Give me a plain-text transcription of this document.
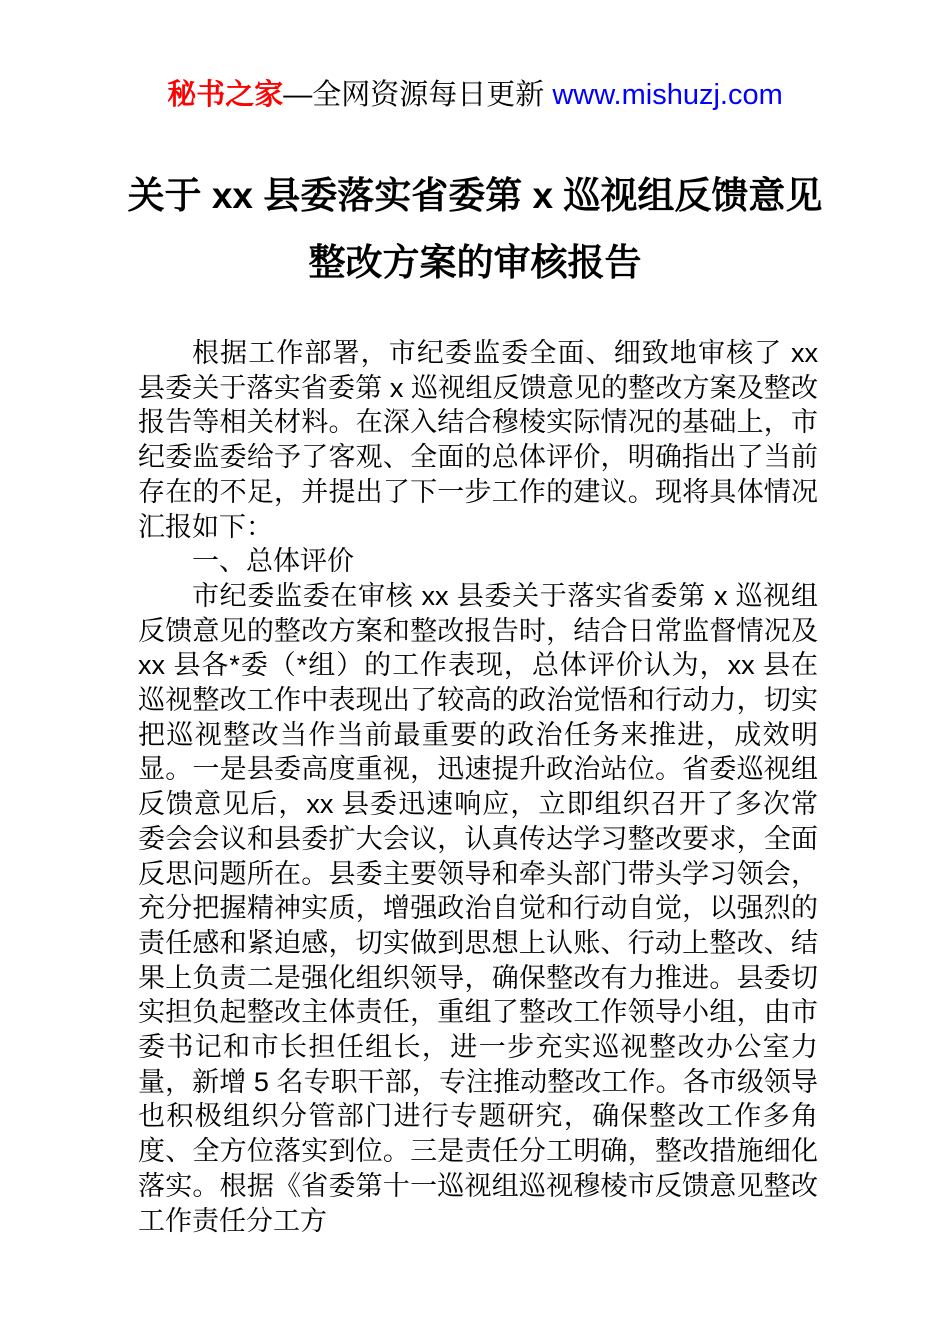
秘书之家—全网资源每日更新 www.mishuzj.com
关于 xx 县委落实省委第 x 巡视组反馈意见
整改方案的审核报告

根据工作部署，市纪委监委全面、细致地审核了 xx 县委关于落实省委第 x 巡视组反馈意见的整改方案及整改报告等相关材料。在深入结合穆棱实际情况的基础上，市纪委监委给予了客观、全面的总体评价，明确指出了当前存在的不足，并提出了下一步工作的建议。现将具体情况汇报如下：

一、总体评价

市纪委监委在审核 xx 县委关于落实省委第 x 巡视组反馈意见的整改方案和整改报告时，结合日常监督情况及 xx 县各*委（*组）的工作表现，总体评价认为，xx 县在巡视整改工作中表现出了较高的政治觉悟和行动力，切实把巡视整改当作当前最重要的政治任务来推进，成效明显。一是县委高度重视，迅速提升政治站位。省委巡视组反馈意见后，xx 县委迅速响应，立即组织召开了多次常委会会议和县委扩大会议，认真传达学习整改要求，全面反思问题所在。县委主要领导和牵头部门带头学习领会，充分把握精神实质，增强政治自觉和行动自觉，以强烈的责任感和紧迫感，切实做到思想上认账、行动上整改、结果上负责二是强化组织领导，确保整改有力推进。县委切实担负起整改主体责任，重组了整改工作领导小组，由市委书记和市长担任组长，进一步充实巡视整改办公室力量，新增 5 名专职干部，专注推动整改工作。各市级领导也积极组织分管部门进行专题研究，确保整改工作多角度、全方位落实到位。三是责任分工明确，整改措施细化落实。根据《省委第十一巡视组巡视穆棱市反馈意见整改工作责任分工方
